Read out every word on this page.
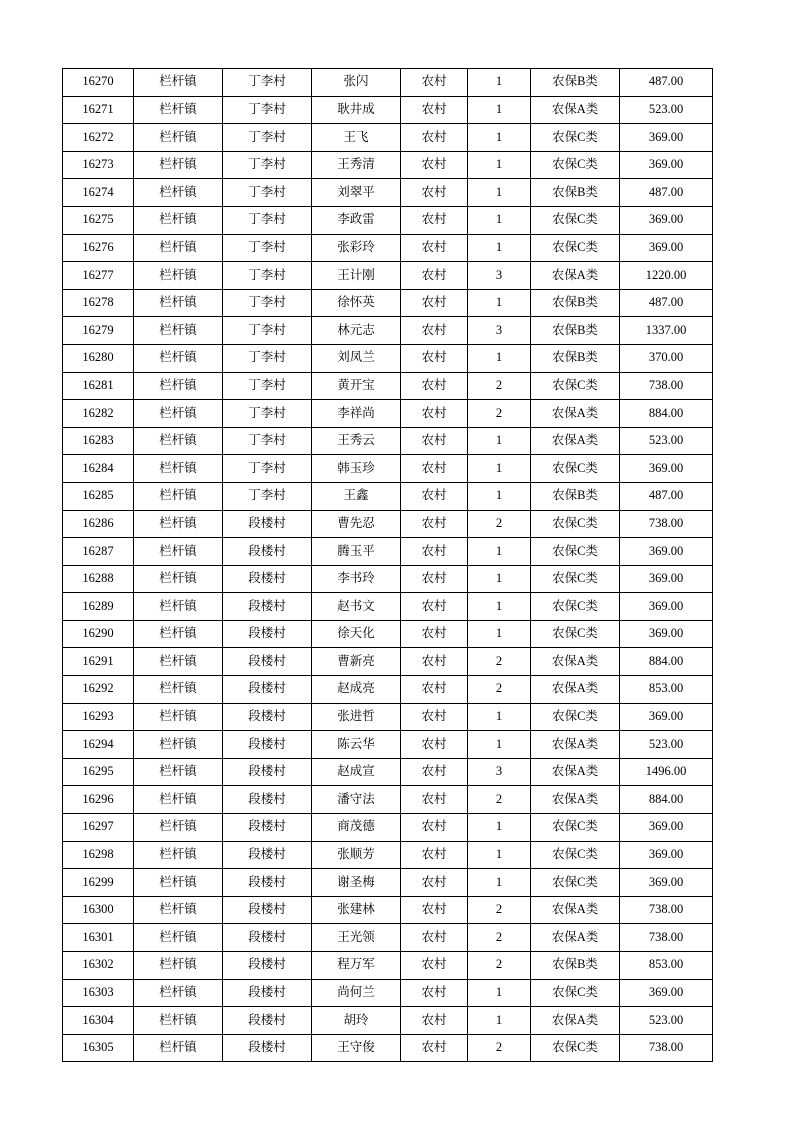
16270	栏杆镇	丁李村	张闪	农村	1	农保B类	487.00
16271	栏杆镇	丁李村	耿井成	农村	1	农保A类	523.00
16272	栏杆镇	丁李村	王飞	农村	1	农保C类	369.00
16273	栏杆镇	丁李村	王秀清	农村	1	农保C类	369.00
16274	栏杆镇	丁李村	刘翠平	农村	1	农保B类	487.00
16275	栏杆镇	丁李村	李政雷	农村	1	农保C类	369.00
16276	栏杆镇	丁李村	张彩玲	农村	1	农保C类	369.00
16277	栏杆镇	丁李村	王计刚	农村	3	农保A类	1220.00
16278	栏杆镇	丁李村	徐怀英	农村	1	农保B类	487.00
16279	栏杆镇	丁李村	林元志	农村	3	农保B类	1337.00
16280	栏杆镇	丁李村	刘凤兰	农村	1	农保B类	370.00
16281	栏杆镇	丁李村	黄开宝	农村	2	农保C类	738.00
16282	栏杆镇	丁李村	李祥尚	农村	2	农保A类	884.00
16283	栏杆镇	丁李村	王秀云	农村	1	农保A类	523.00
16284	栏杆镇	丁李村	韩玉珍	农村	1	农保C类	369.00
16285	栏杆镇	丁李村	王鑫	农村	1	农保B类	487.00
16286	栏杆镇	段楼村	曹先忍	农村	2	农保C类	738.00
16287	栏杆镇	段楼村	腾玉平	农村	1	农保C类	369.00
16288	栏杆镇	段楼村	李书玲	农村	1	农保C类	369.00
16289	栏杆镇	段楼村	赵书文	农村	1	农保C类	369.00
16290	栏杆镇	段楼村	徐天化	农村	1	农保C类	369.00
16291	栏杆镇	段楼村	曹新亮	农村	2	农保A类	884.00
16292	栏杆镇	段楼村	赵成亮	农村	2	农保A类	853.00
16293	栏杆镇	段楼村	张进哲	农村	1	农保C类	369.00
16294	栏杆镇	段楼村	陈云华	农村	1	农保A类	523.00
16295	栏杆镇	段楼村	赵成宣	农村	3	农保A类	1496.00
16296	栏杆镇	段楼村	潘守法	农村	2	农保A类	884.00
16297	栏杆镇	段楼村	商茂德	农村	1	农保C类	369.00
16298	栏杆镇	段楼村	张顺芳	农村	1	农保C类	369.00
16299	栏杆镇	段楼村	谢圣梅	农村	1	农保C类	369.00
16300	栏杆镇	段楼村	张建林	农村	2	农保A类	738.00
16301	栏杆镇	段楼村	王光领	农村	2	农保A类	738.00
16302	栏杆镇	段楼村	程万军	农村	2	农保B类	853.00
16303	栏杆镇	段楼村	尚何兰	农村	1	农保C类	369.00
16304	栏杆镇	段楼村	胡玲	农村	1	农保A类	523.00
16305	栏杆镇	段楼村	王守俊	农村	2	农保C类	738.00
